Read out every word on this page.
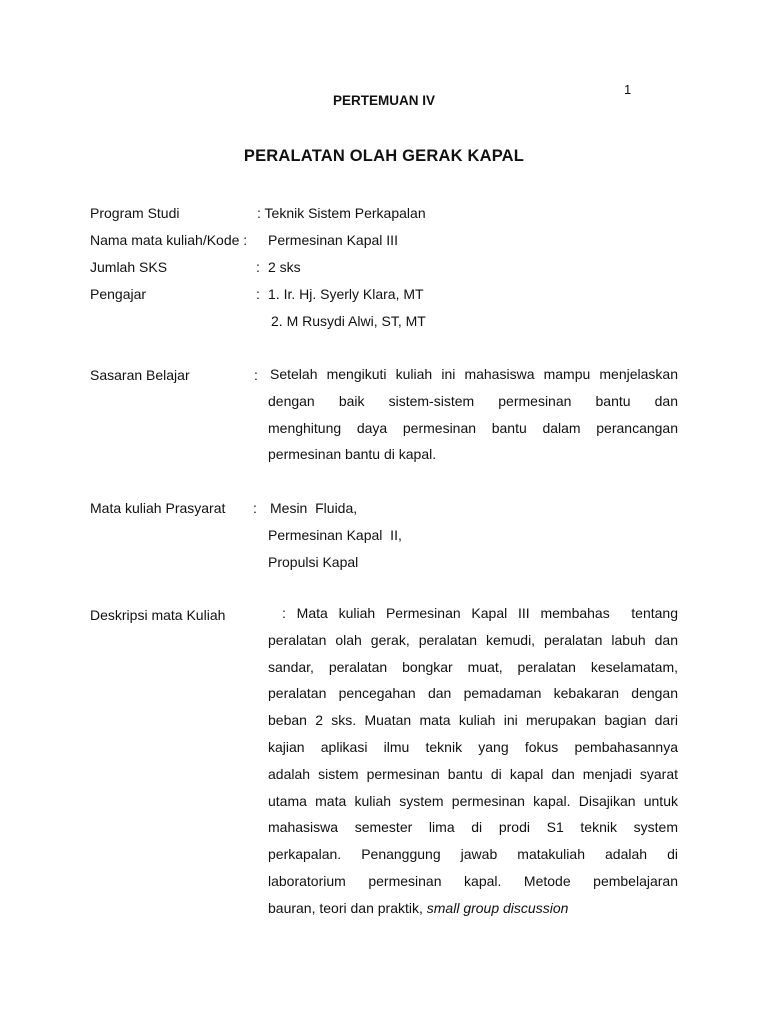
1
PERTEMUAN IV
PERALATAN OLAH GERAK KAPAL
Program Studi	: Teknik Sistem Perkapalan
Nama mata kuliah/Kode : Permesinan Kapal III
Jumlah SKS	: 2 sks
Pengajar	: 1. Ir. Hj. Syerly Klara, MT
2. M Rusydi Alwi, ST, MT
Sasaran Belajar	: Setelah mengikuti kuliah ini mahasiswa mampu menjelaskan
dengan baik sistem-sistem permesinan bantu dan
menghitung daya permesinan bantu dalam perancangan
permesinan bantu di kapal.
Mata kuliah Prasyarat : Mesin  Fluida,
Permesinan Kapal  II,
Propulsi Kapal
Deskripsi mata Kuliah	: Mata kuliah Permesinan Kapal III membahas  tentang
peralatan olah gerak, peralatan kemudi, peralatan labuh dan
sandar, peralatan bongkar muat, peralatan keselamatam,
peralatan pencegahan dan pemadaman kebakaran dengan
beban 2 sks. Muatan mata kuliah ini merupakan bagian dari
kajian aplikasi ilmu teknik yang fokus pembahasannya
adalah sistem permesinan bantu di kapal dan menjadi syarat
utama mata kuliah system permesinan kapal. Disajikan untuk
mahasiswa semester lima di prodi S1 teknik system
perkapalan. Penanggung jawab matakuliah adalah di
laboratorium permesinan kapal. Metode pembelajaran
bauran, teori dan praktik, small group discussion
